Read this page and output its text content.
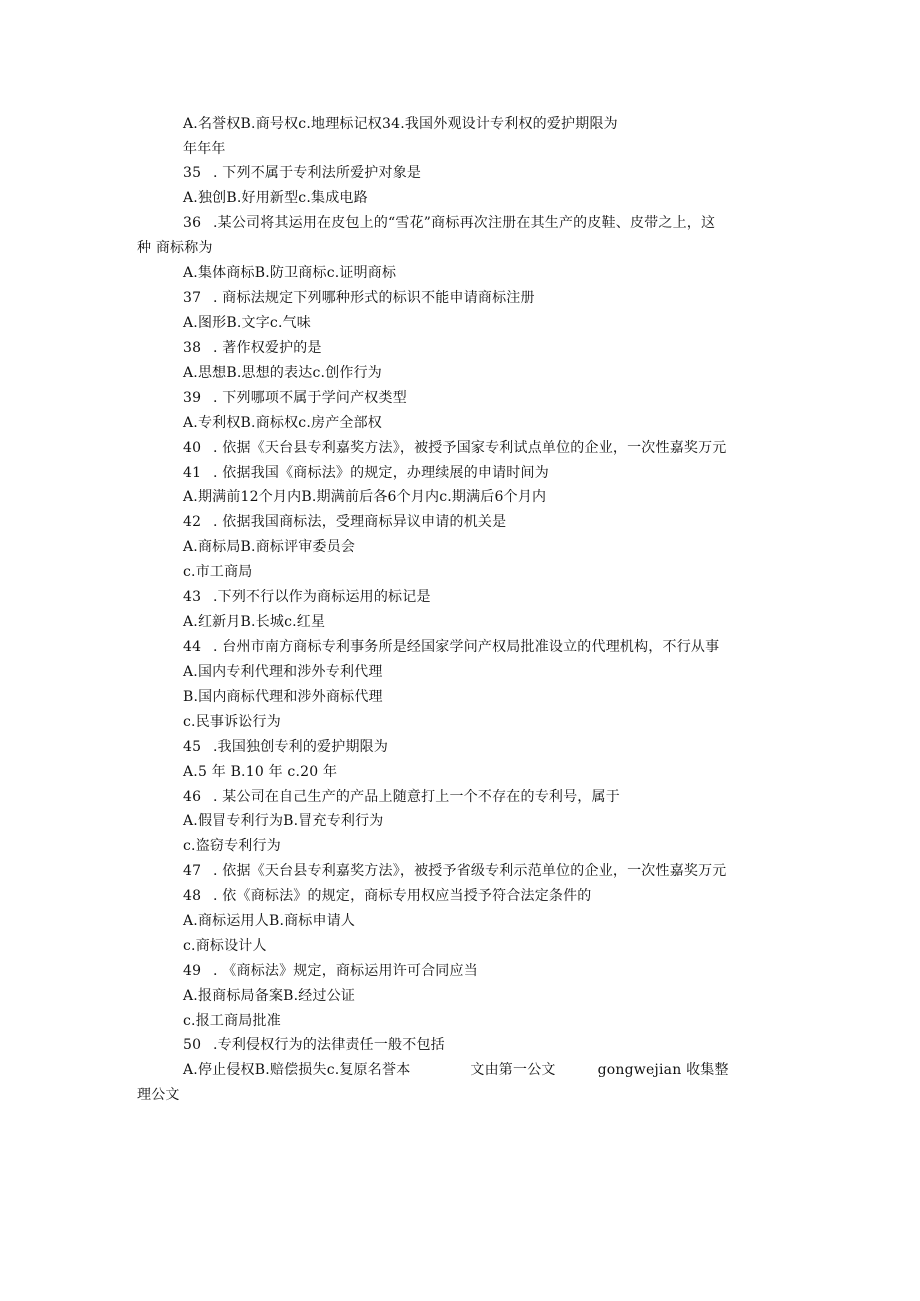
A.名誉权B.商号权c.地理标记权34.我国外观设计专利权的爱护期限为
年年年
35 . 下列不属于专利法所爱护对象是
A.独创B.好用新型c.集成电路
36 .某公司将其运用在皮包上的“雪花”商标再次注册在其生产的皮鞋、皮带之上，这
种 商标称为
A.集体商标B.防卫商标c.证明商标
37 . 商标法规定下列哪种形式的标识不能申请商标注册
A.图形B.文字c.气味
38 . 著作权爱护的是
A.思想B.思想的表达c.创作行为
39 . 下列哪项不属于学问产权类型
A.专利权B.商标权c.房产全部权
40 . 依据《天台县专利嘉奖方法》，被授予国家专利试点单位的企业，一次性嘉奖万元
41 . 依据我国《商标法》的规定，办理续展的申请时间为
A.期满前12个月内B.期满前后各6个月内c.期满后6个月内
42 . 依据我国商标法，受理商标异议申请的机关是
A.商标局B.商标评审委员会
c.市工商局
43 .下列不行以作为商标运用的标记是
A.红新月B.长城c.红星
44 . 台州市南方商标专利事务所是经国家学问产权局批准设立的代理机构，不行从事
A.国内专利代理和涉外专利代理
B.国内商标代理和涉外商标代理
c.民事诉讼行为
45 .我国独创专利的爱护期限为
A.5 年 B.10 年 c.20 年
46 . 某公司在自己生产的产品上随意打上一个不存在的专利号，属于
A.假冒专利行为B.冒充专利行为
c.盗窃专利行为
47 . 依据《天台县专利嘉奖方法》，被授予省级专利示范单位的企业，一次性嘉奖万元
48 . 依《商标法》的规定，商标专用权应当授予符合法定条件的
A.商标运用人B.商标申请人
c.商标设计人
49 . 《商标法》规定，商标运用许可合同应当
A.报商标局备案B.经过公证
c.报工商局批准
50 .专利侵权行为的法律责任一般不包括
A.停止侵权B.赔偿损失c.复原名誉本	文由第一公文	gongwejian 收集整
理公文
